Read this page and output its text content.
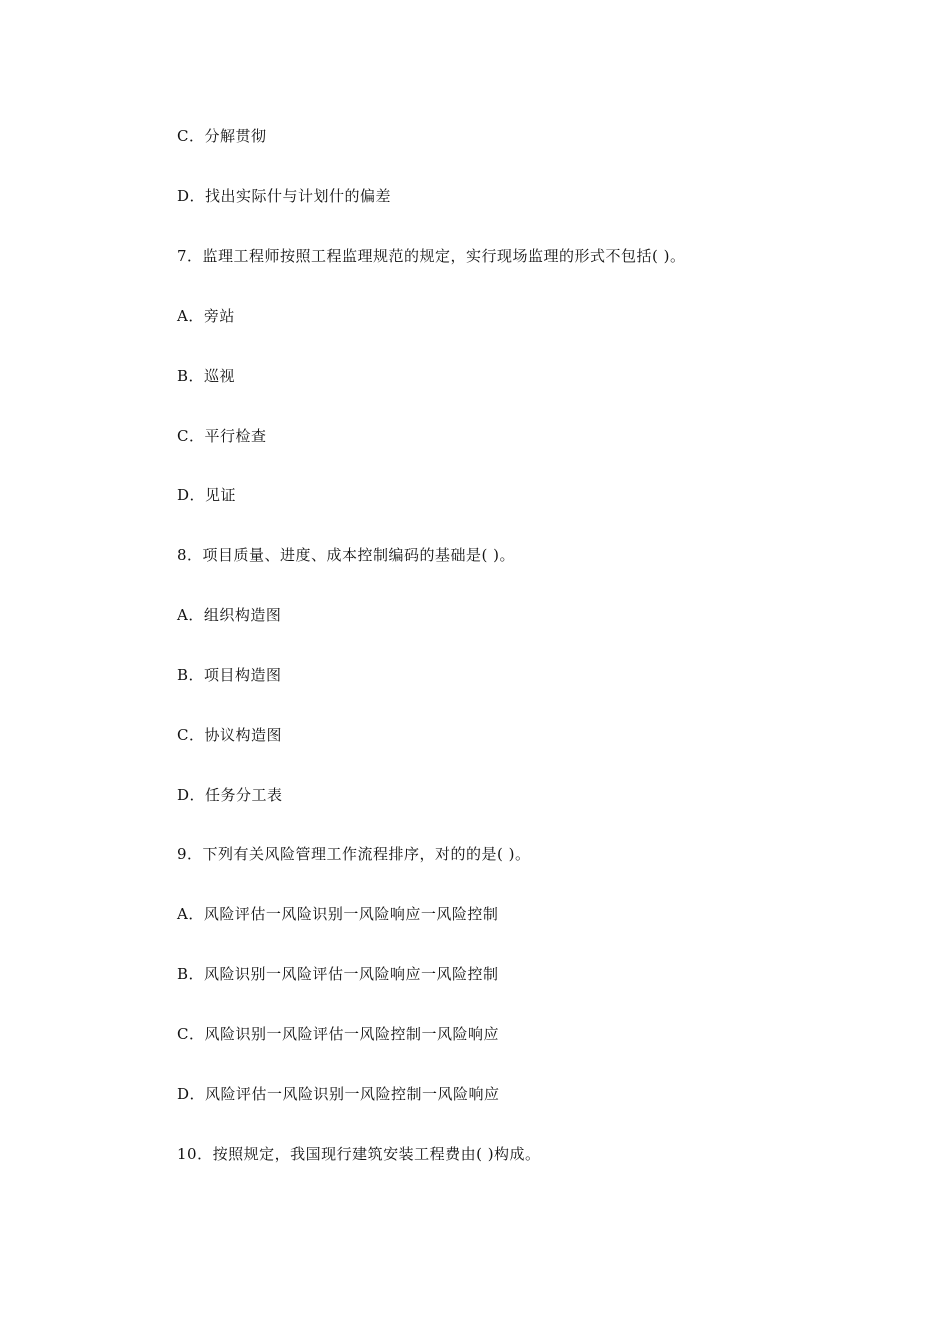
C．分解贯彻
D．找出实际什与计划什的偏差
7．监理工程师按照工程监理规范的规定，实行现场监理的形式不包括( )。
A．旁站
B．巡视
C．平行检查
D．见证
8．项目质量、进度、成本控制编码的基础是( )。
A．组织构造图
B．项目构造图
C．协议构造图
D．任务分工表
9．下列有关风险管理工作流程排序，对的的是( )。
A．风险评估一风险识别一风险响应一风险控制
B．风险识别一风险评估一风险响应一风险控制
C．风险识别一风险评估一风险控制一风险响应
D．风险评估一风险识别一风险控制一风险响应
10．按照规定，我国现行建筑安装工程费由( )构成。
